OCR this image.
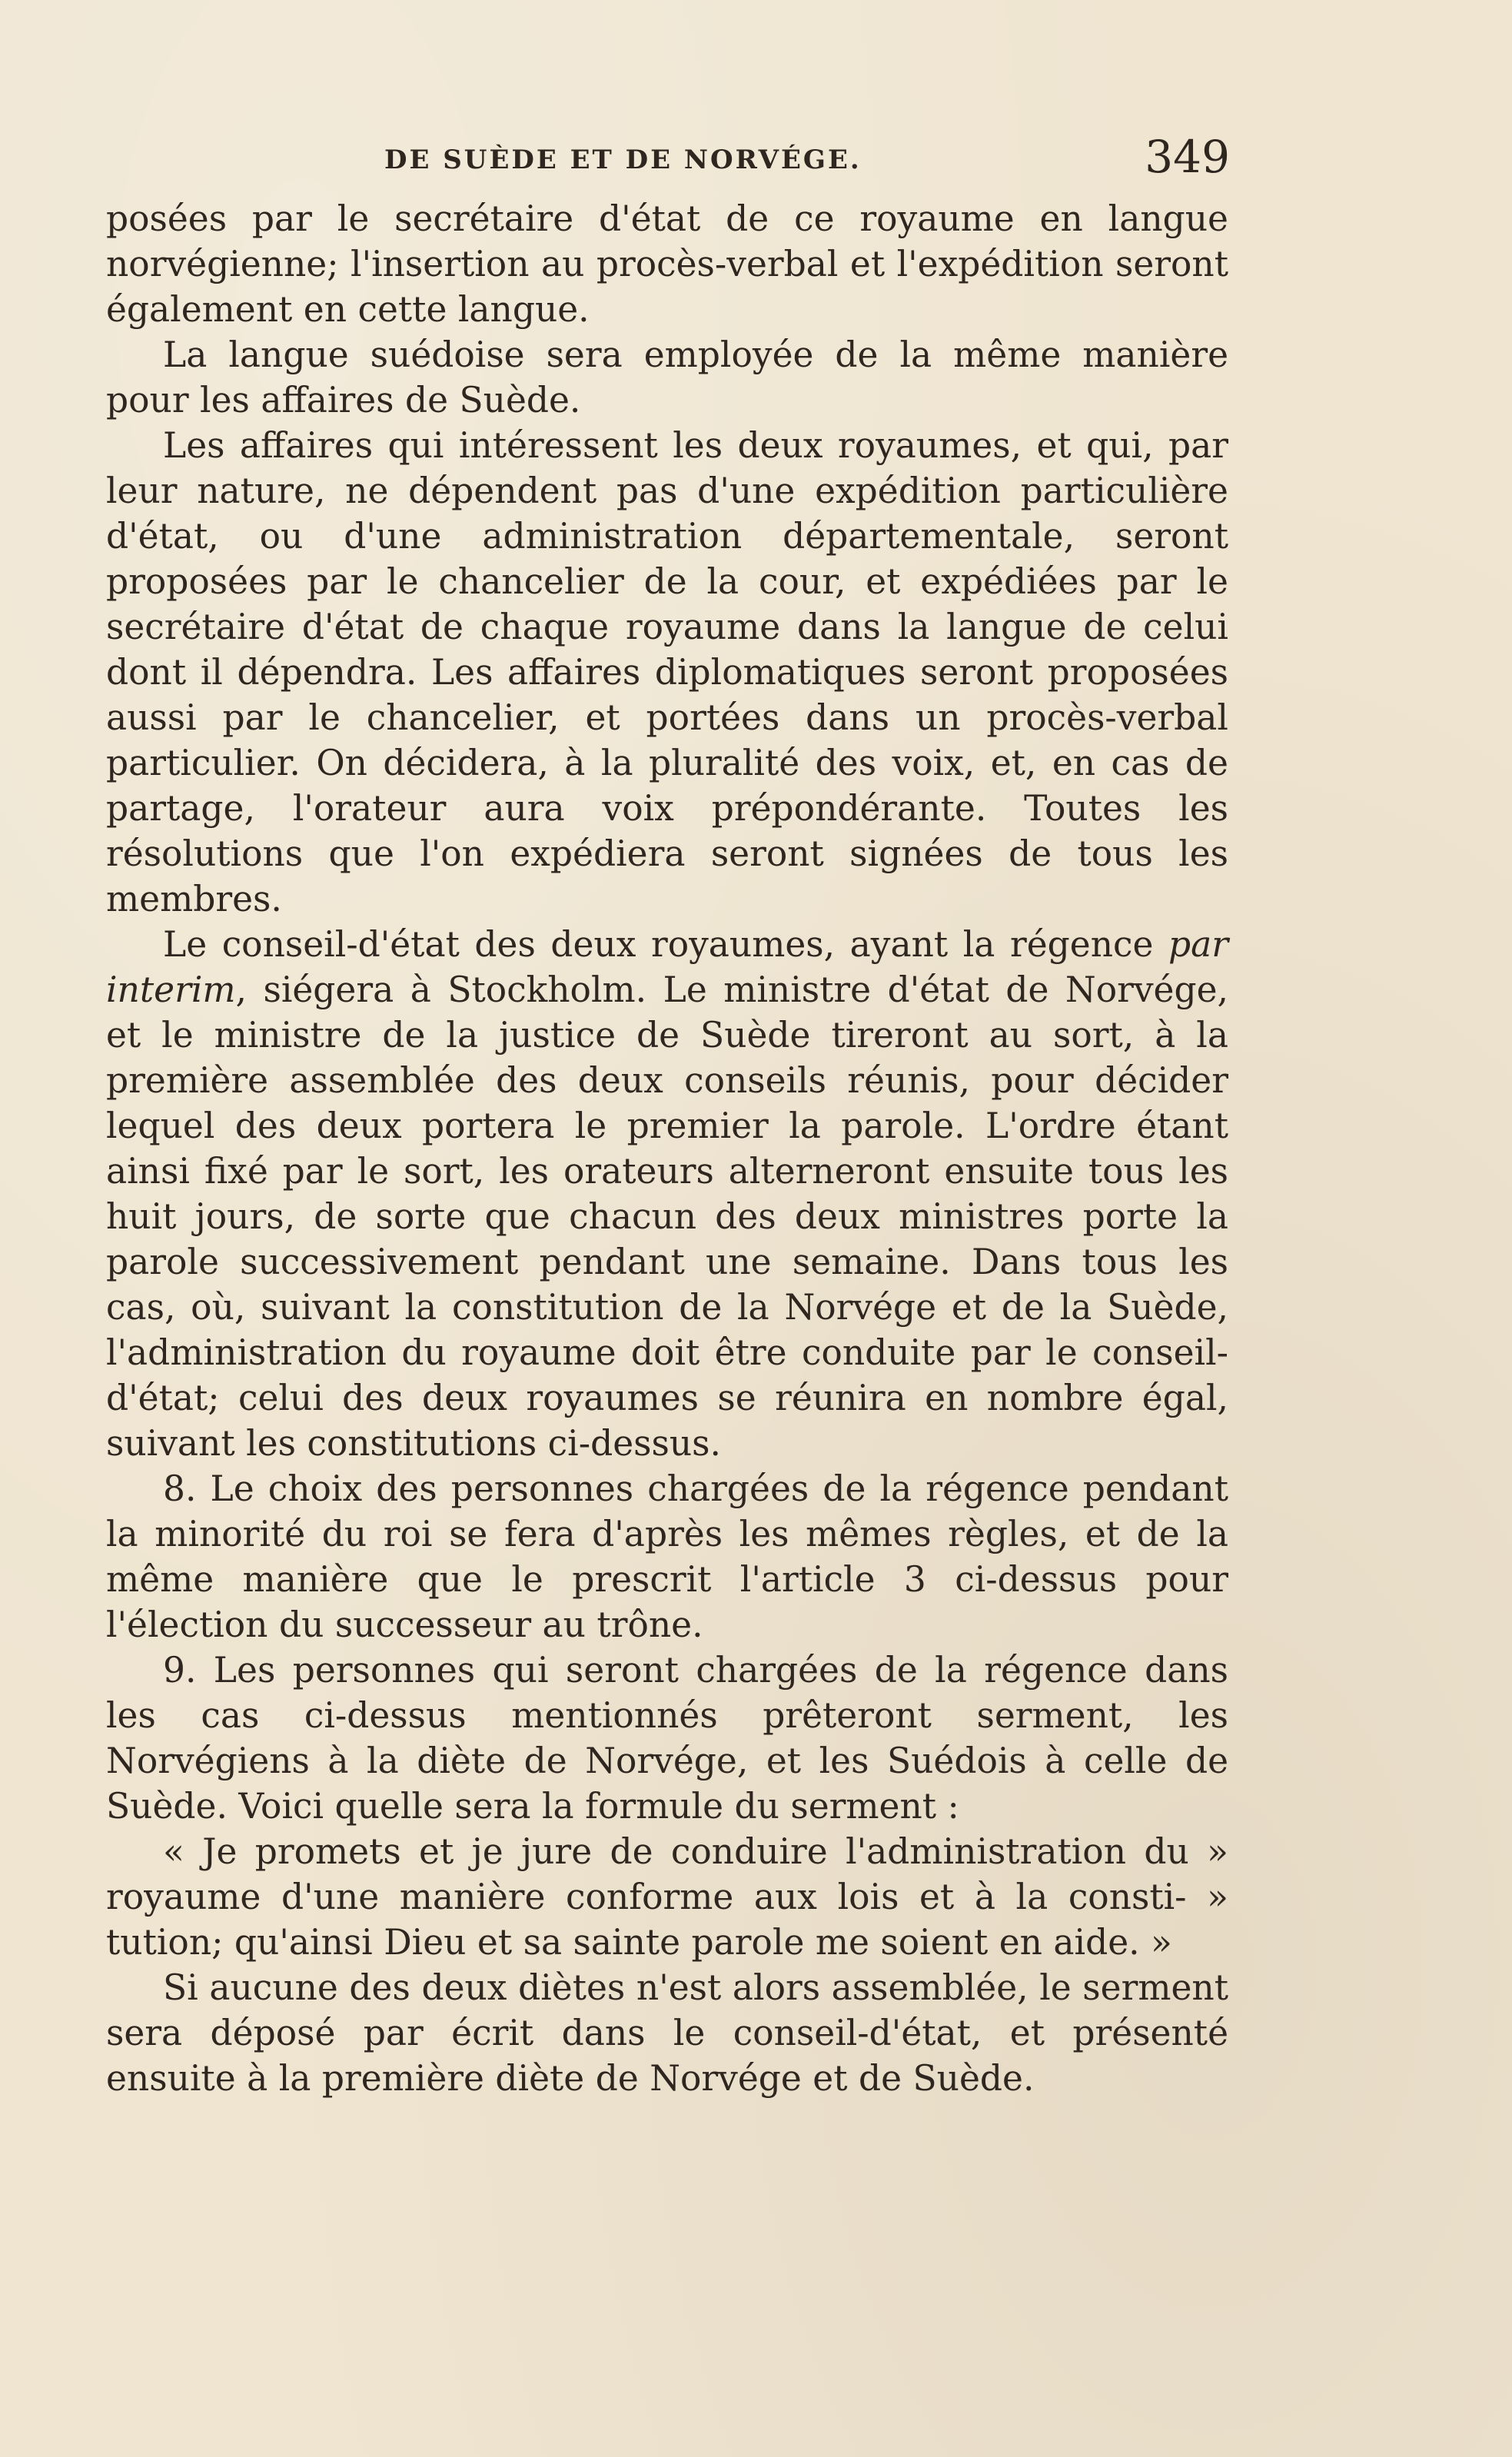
DE SUÈDE ET DE NORVÉGE.	349

posées par le secrétaire d'état de ce royaume en langue norvégienne; l'insertion au procès-verbal et l'expédition seront également en cette langue.

La langue suédoise sera employée de la même manière pour les affaires de Suède.

Les affaires qui intéressent les deux royaumes, et qui, par leur nature, ne dépendent pas d'une expédition particulière d'état, ou d'une administration départementale, seront proposées par le chancelier de la cour, et expédiées par le secrétaire d'état de chaque royaume dans la langue de celui dont il dépendra. Les affaires diplomatiques seront proposées aussi par le chancelier, et portées dans un procès-verbal particulier. On décidera, à la pluralité des voix, et, en cas de partage, l'orateur aura voix prépondérante. Toutes les résolutions que l'on expédiera seront signées de tous les membres.

Le conseil-d'état des deux royaumes, ayant la régence par interim, siégera à Stockholm. Le ministre d'état de Norvége, et le ministre de la justice de Suède tireront au sort, à la première assemblée des deux conseils réunis, pour décider lequel des deux portera le premier la parole. L'ordre étant ainsi fixé par le sort, les orateurs alterneront ensuite tous les huit jours, de sorte que chacun des deux ministres porte la parole successivement pendant une semaine. Dans tous les cas, où, suivant la constitution de la Norvége et de la Suède, l'administration du royaume doit être conduite par le conseil-d'état; celui des deux royaumes se réunira en nombre égal, suivant les constitutions ci-dessus.

8. Le choix des personnes chargées de la régence pendant la minorité du roi se fera d'après les mêmes règles, et de la même manière que le prescrit l'article 3 ci-dessus pour l'élection du successeur au trône.

9. Les personnes qui seront chargées de la régence dans les cas ci-dessus mentionnés prêteront serment, les Norvégiens à la diète de Norvége, et les Suédois à celle de Suède. Voici quelle sera la formule du serment :

« Je promets et je jure de conduire l'administration du » royaume d'une manière conforme aux lois et à la consti- » tution; qu'ainsi Dieu et sa sainte parole me soient en aide. »

Si aucune des deux diètes n'est alors assemblée, le serment sera déposé par écrit dans le conseil-d'état, et présenté ensuite à la première diète de Norvége et de Suède.
